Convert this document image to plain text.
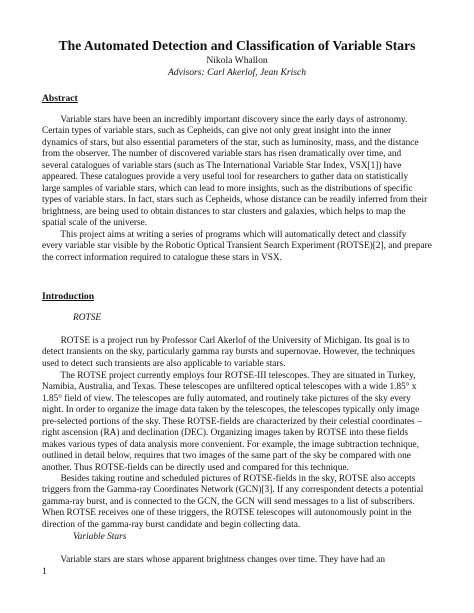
The Automated Detection and Classification of Variable Stars
Nikola Whallon
Advisors: Carl Akerlof, Jean Krisch
Abstract

Variable stars have been an incredibly important discovery since the early days of astronomy.
Certain types of variable stars, such as Cepheids, can give not only great insight into the inner
dynamics of stars, but also essential parameters of the star, such as luminosity, mass, and the distance
from the observer. The number of discovered variable stars has risen dramatically over time, and
several catalogues of variable stars (such as The International Variable Star Index, VSX[1]) have
appeared. These catalogues provide a very useful tool for researchers to gather data on statistically
large samples of variable stars, which can lead to more insights, such as the distributions of specific
types of variable stars. In fact, stars such as Cepheids, whose distance can be readily inferred from their
brightness, are being used to obtain distances to star clusters and galaxies, which helps to map the
spatial scale of the universe.

This project aims at writing a series of programs which will automatically detect and classify
every variable star visible by the Robotic Optical Transient Search Experiment (ROTSE)[2], and prepare
the correct information required to catalogue these stars in VSX.

Introduction
ROTSE

ROTSE is a project run by Professor Carl Akerlof of the University of Michigan. Its goal is to
detect transients on the sky, particularly gamma ray bursts and supernovae. However, the techniques
used to detect such transients are also applicable to variable stars.

The ROTSE project currently employs four ROTSE-III telescopes. They are situated in Turkey,
Namibia, Australia, and Texas. These telescopes are unfiltered optical telescopes with a wide 1.85° x
1.85° field of view. The telescopes are fully automated, and routinely take pictures of the sky every
night. In order to organize the image data taken by the telescopes, the telescopes typically only image
pre-selected portions of the sky. These ROTSE-fields are characterized by their celestial coordinates –
right ascension (RA) and declination (DEC). Organizing images taken by ROTSE into these fields
makes various types of data analysis more convenient. For example, the image subtraction technique,
outlined in detail below, requires that two images of the same part of the sky be compared with one
another. Thus ROTSE-fields can be directly used and compared for this technique.

Besides taking routine and scheduled pictures of ROTSE-fields in the sky, ROTSE also accepts
triggers from the Gamma-ray Coordinates Network (GCN)[3]. If any correspondent detects a potential
gamma-ray burst, and is connected to the GCN, the GCN will send messages to a list of subscribers.
When ROTSE receives one of these triggers, the ROTSE telescopes will autonomously point in the
direction of the gamma-ray burst candidate and begin collecting data.

Variable Stars

Variable stars are stars whose apparent brightness changes over time. They have had an

1
